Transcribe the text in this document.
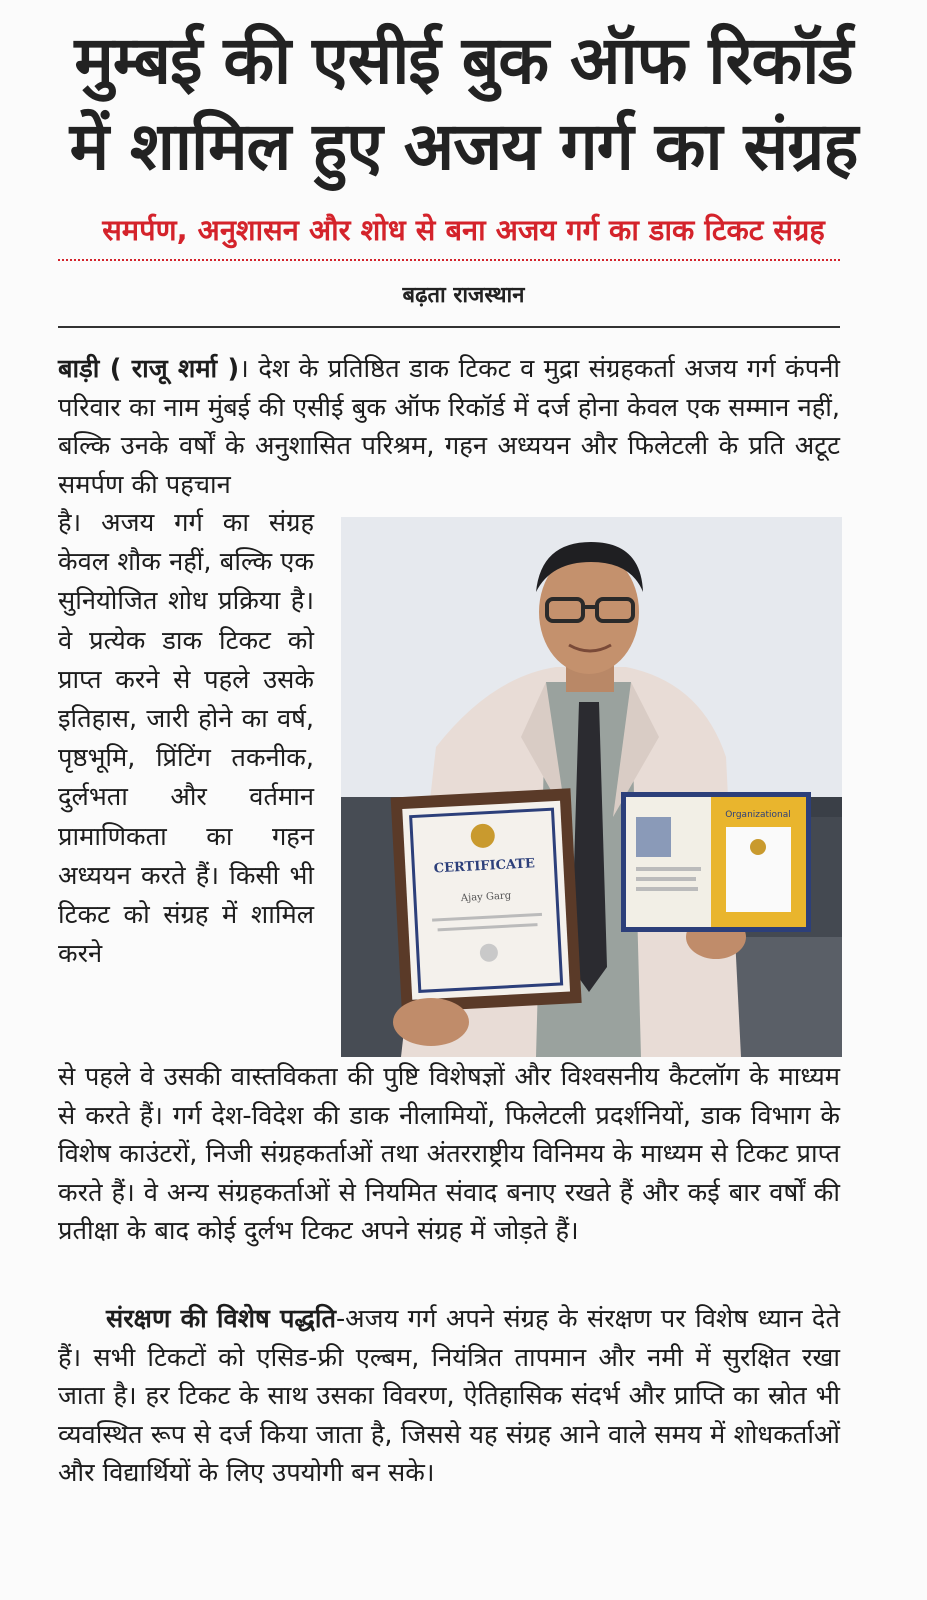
मुम्बई की एसीई बुक ऑफ रिकॉर्ड
में शामिल हुए अजय गर्ग का संग्रह
समर्पण, अनुशासन और शोध से बना अजय गर्ग का डाक टिकट संग्रह
बढ़ता राजस्थान

बाड़ी ( राजू शर्मा )। देश के प्रतिष्ठित डाक टिकट व मुद्रा संग्रहकर्ता अजय गर्ग कंपनी परिवार का नाम मुंबई की एसीई बुक ऑफ रिकॉर्ड में दर्ज होना केवल एक सम्मान नहीं, बल्कि उनके वर्षों के अनुशासित परिश्रम, गहन अध्ययन और फिलेटली के प्रति अटूट समर्पण की पहचान

है। अजय गर्ग का संग्रह केवल शौक नहीं, बल्कि एक सुनियोजित शोध प्रक्रिया है। वे प्रत्येक डाक टिकट को प्राप्त करने से पहले उसके इतिहास, जारी होने का वर्ष, पृष्ठभूमि, प्रिंटिंग तकनीक, दुर्लभता और वर्तमान प्रामाणिकता का गहन अध्ययन करते हैं। किसी भी टिकट को संग्रह में शामिल करने

CERTIFICATE
Ajay Garg
Organizational

से पहले वे उसकी वास्तविकता की पुष्टि विशेषज्ञों और विश्वसनीय कैटलॉग के माध्यम से करते हैं। गर्ग देश-विदेश की डाक नीलामियों, फिलेटली प्रदर्शनियों, डाक विभाग के विशेष काउंटरों, निजी संग्रहकर्ताओं तथा अंतरराष्ट्रीय विनिमय के माध्यम से टिकट प्राप्त करते हैं। वे अन्य संग्रहकर्ताओं से नियमित संवाद बनाए रखते हैं और कई बार वर्षों की प्रतीक्षा के बाद कोई दुर्लभ टिकट अपने संग्रह में जोड़ते हैं।

संरक्षण की विशेष पद्धति-अजय गर्ग अपने संग्रह के संरक्षण पर विशेष ध्यान देते हैं। सभी टिकटों को एसिड-फ्री एल्बम, नियंत्रित तापमान और नमी में सुरक्षित रखा जाता है। हर टिकट के साथ उसका विवरण, ऐतिहासिक संदर्भ और प्राप्ति का स्रोत भी व्यवस्थित रूप से दर्ज किया जाता है, जिससे यह संग्रह आने वाले समय में शोधकर्ताओं और विद्यार्थियों के लिए उपयोगी बन सके।
